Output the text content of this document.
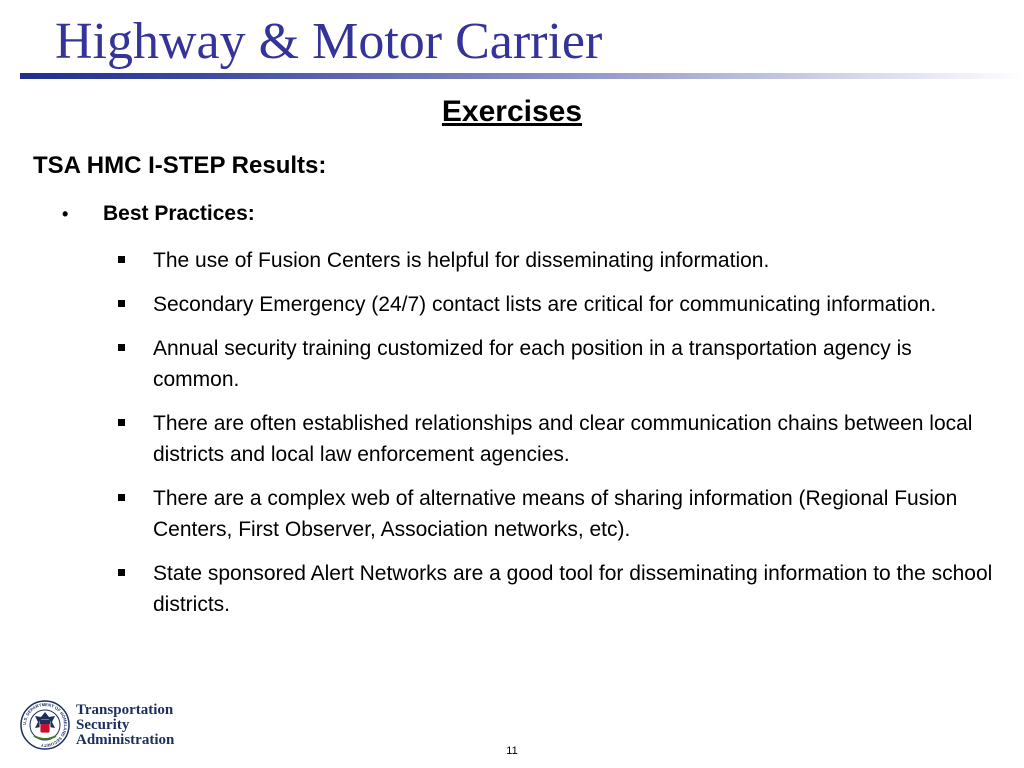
Highway & Motor Carrier
Exercises
TSA HMC I-STEP Results:
•	Best Practices:
The use of Fusion Centers is helpful for disseminating information.
Secondary Emergency (24/7) contact lists are critical for communicating information.
Annual security training customized for each position in a transportation agency is common.
There are often established relationships and clear communication chains between local districts and local law enforcement agencies.
There are a complex web of alternative means of sharing information (Regional Fusion Centers, First Observer, Association networks, etc).
State sponsored Alert Networks are a good tool for disseminating information to the school districts.
U.S. DEPARTMENT OF HOMELAND SECURITY
Transportation
Security
Administration
11
